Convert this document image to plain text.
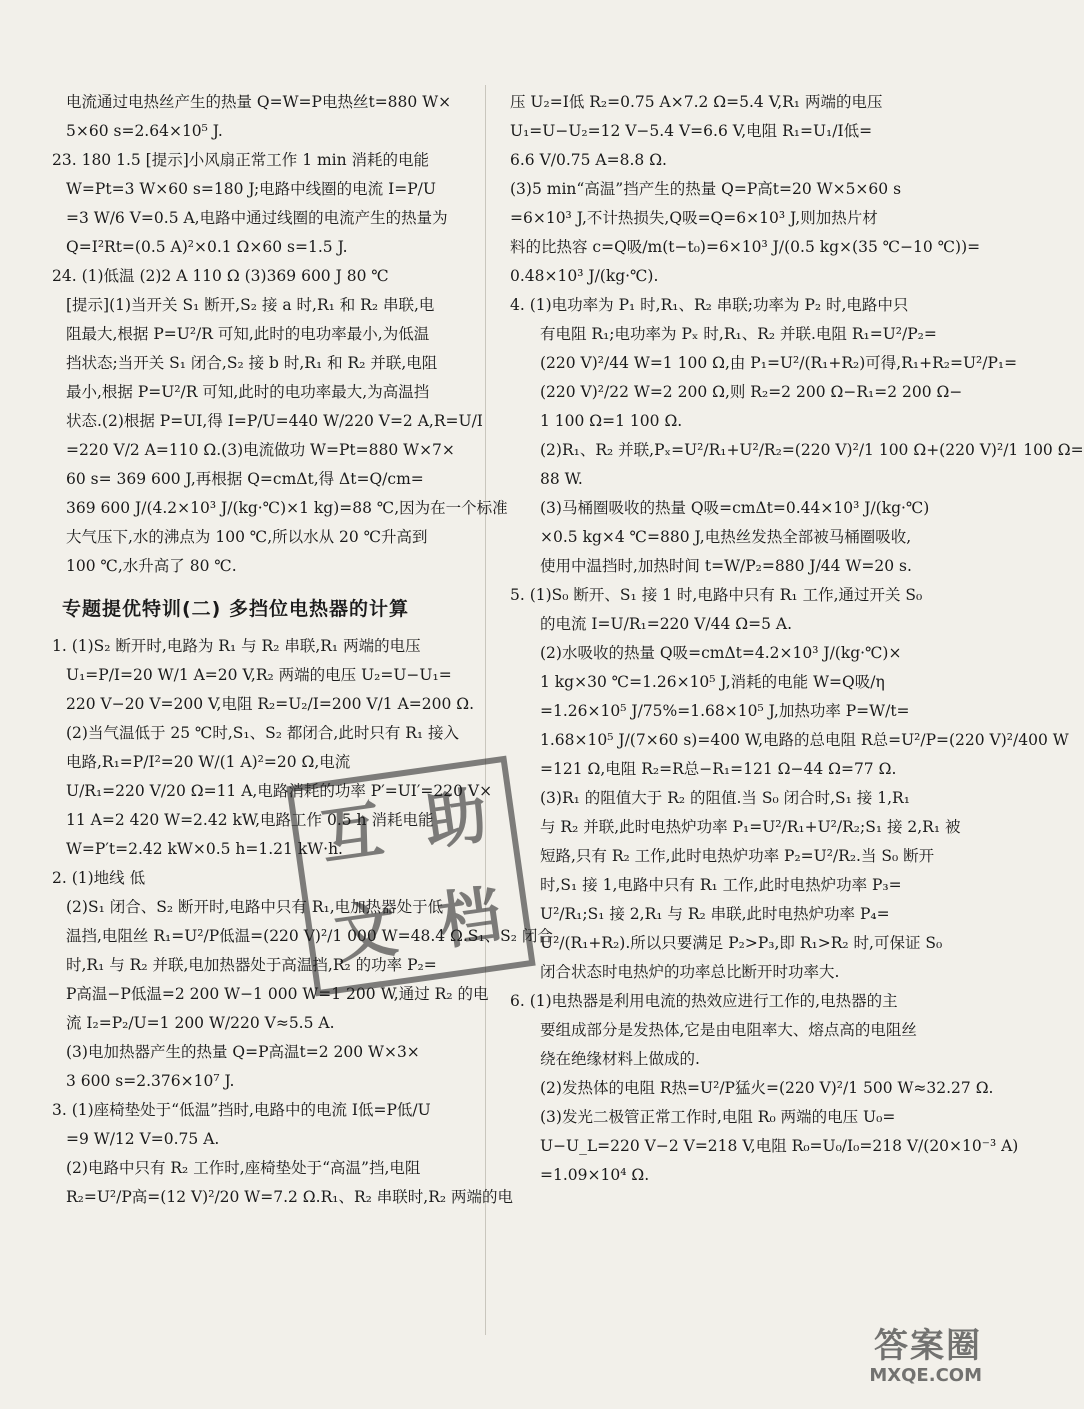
电流通过电热丝产生的热量 Q=W=P电热丝t=880 W×
5×60 s=2.64×10⁵ J.
23. 180 1.5 [提示]小风扇正常工作 1 min 消耗的电能
W=Pt=3 W×60 s=180 J;电路中线圈的电流 I=P/U
=3 W/6 V=0.5 A,电路中通过线圈的电流产生的热量为
Q=I²Rt=(0.5 A)²×0.1 Ω×60 s=1.5 J.
24. (1)低温 (2)2 A 110 Ω (3)369 600 J 80 ℃
[提示](1)当开关 S₁ 断开,S₂ 接 a 时,R₁ 和 R₂ 串联,电
阻最大,根据 P=U²/R 可知,此时的电功率最小,为低温
挡状态;当开关 S₁ 闭合,S₂ 接 b 时,R₁ 和 R₂ 并联,电阻
最小,根据 P=U²/R 可知,此时的电功率最大,为高温挡
状态.(2)根据 P=UI,得 I=P/U=440 W/220 V=2 A,R=U/I
=220 V/2 A=110 Ω.(3)电流做功 W=Pt=880 W×7×
60 s= 369 600 J,再根据 Q=cmΔt,得 Δt=Q/cm=
369 600 J/(4.2×10³ J/(kg·℃)×1 kg)=88 ℃,因为在一个标准
大气压下,水的沸点为 100 ℃,所以水从 20 ℃升高到
100 ℃,水升高了 80 ℃.
专题提优特训(二) 多挡位电热器的计算
1. (1)S₂ 断开时,电路为 R₁ 与 R₂ 串联,R₁ 两端的电压
U₁=P/I=20 W/1 A=20 V,R₂ 两端的电压 U₂=U−U₁=
220 V−20 V=200 V,电阻 R₂=U₂/I=200 V/1 A=200 Ω.
(2)当气温低于 25 ℃时,S₁、S₂ 都闭合,此时只有 R₁ 接入
电路,R₁=P/I²=20 W/(1 A)²=20 Ω,电流
U/R₁=220 V/20 Ω=11 A,电路消耗的功率 P′=UI′=220 V×
11 A=2 420 W=2.42 kW,电路工作 0.5 h 消耗电能
W=P′t=2.42 kW×0.5 h=1.21 kW·h.
2. (1)地线 低
(2)S₁ 闭合、S₂ 断开时,电路中只有 R₁,电加热器处于低
温挡,电阻丝 R₁=U²/P低温=(220 V)²/1 000 W=48.4 Ω.S₁、S₂ 闭合
时,R₁ 与 R₂ 并联,电加热器处于高温挡,R₂ 的功率 P₂=
P高温−P低温=2 200 W−1 000 W=1 200 W,通过 R₂ 的电
流 I₂=P₂/U=1 200 W/220 V≈5.5 A.
(3)电加热器产生的热量 Q=P高温t=2 200 W×3×
3 600 s=2.376×10⁷ J.
3. (1)座椅垫处于“低温”挡时,电路中的电流 I低=P低/U
=9 W/12 V=0.75 A.
(2)电路中只有 R₂ 工作时,座椅垫处于“高温”挡,电阻
R₂=U²/P高=(12 V)²/20 W=7.2 Ω.R₁、R₂ 串联时,R₂ 两端的电
压 U₂=I低 R₂=0.75 A×7.2 Ω=5.4 V,R₁ 两端的电压
U₁=U−U₂=12 V−5.4 V=6.6 V,电阻 R₁=U₁/I低=
6.6 V/0.75 A=8.8 Ω.
(3)5 min“高温”挡产生的热量 Q=P高t=20 W×5×60 s
=6×10³ J,不计热损失,Q吸=Q=6×10³ J,则加热片材
料的比热容 c=Q吸/m(t−t₀)=6×10³ J/(0.5 kg×(35 ℃−10 ℃))=
0.48×10³ J/(kg·℃).
4. (1)电功率为 P₁ 时,R₁、R₂ 串联;功率为 P₂ 时,电路中只
有电阻 R₁;电功率为 Pₓ 时,R₁、R₂ 并联.电阻 R₁=U²/P₂=
(220 V)²/44 W=1 100 Ω,由 P₁=U²/(R₁+R₂)可得,R₁+R₂=U²/P₁=
(220 V)²/22 W=2 200 Ω,则 R₂=2 200 Ω−R₁=2 200 Ω−
1 100 Ω=1 100 Ω.
(2)R₁、R₂ 并联,Pₓ=U²/R₁+U²/R₂=(220 V)²/1 100 Ω+(220 V)²/1 100 Ω=
88 W.
(3)马桶圈吸收的热量 Q吸=cmΔt=0.44×10³ J/(kg·℃)
×0.5 kg×4 ℃=880 J,电热丝发热全部被马桶圈吸收,
使用中温挡时,加热时间 t=W/P₂=880 J/44 W=20 s.
5. (1)S₀ 断开、S₁ 接 1 时,电路中只有 R₁ 工作,通过开关 S₀
的电流 I=U/R₁=220 V/44 Ω=5 A.
(2)水吸收的热量 Q吸=cmΔt=4.2×10³ J/(kg·℃)×
1 kg×30 ℃=1.26×10⁵ J,消耗的电能 W=Q吸/η
=1.26×10⁵ J/75%=1.68×10⁵ J,加热功率 P=W/t=
1.68×10⁵ J/(7×60 s)=400 W,电路的总电阻 R总=U²/P=(220 V)²/400 W
=121 Ω,电阻 R₂=R总−R₁=121 Ω−44 Ω=77 Ω.
(3)R₁ 的阻值大于 R₂ 的阻值.当 S₀ 闭合时,S₁ 接 1,R₁
与 R₂ 并联,此时电热炉功率 P₁=U²/R₁+U²/R₂;S₁ 接 2,R₁ 被
短路,只有 R₂ 工作,此时电热炉功率 P₂=U²/R₂.当 S₀ 断开
时,S₁ 接 1,电路中只有 R₁ 工作,此时电热炉功率 P₃=
U²/R₁;S₁ 接 2,R₁ 与 R₂ 串联,此时电热炉功率 P₄=
U²/(R₁+R₂).所以只要满足 P₂>P₃,即 R₁>R₂ 时,可保证 S₀
闭合状态时电热炉的功率总比断开时功率大.
6. (1)电热器是利用电流的热效应进行工作的,电热器的主
要组成部分是发热体,它是由电阻率大、熔点高的电阻丝
绕在绝缘材料上做成的.
(2)发热体的电阻 R热=U²/P猛火=(220 V)²/1 500 W≈32.27 Ω.
(3)发光二极管正常工作时,电阻 R₀ 两端的电压 U₀=
U−U_L=220 V−2 V=218 V,电阻 R₀=U₀/I₀=218 V/(20×10⁻³ A)
=1.09×10⁴ Ω.
互 助
文 档
答案圈
MXQE.COM
